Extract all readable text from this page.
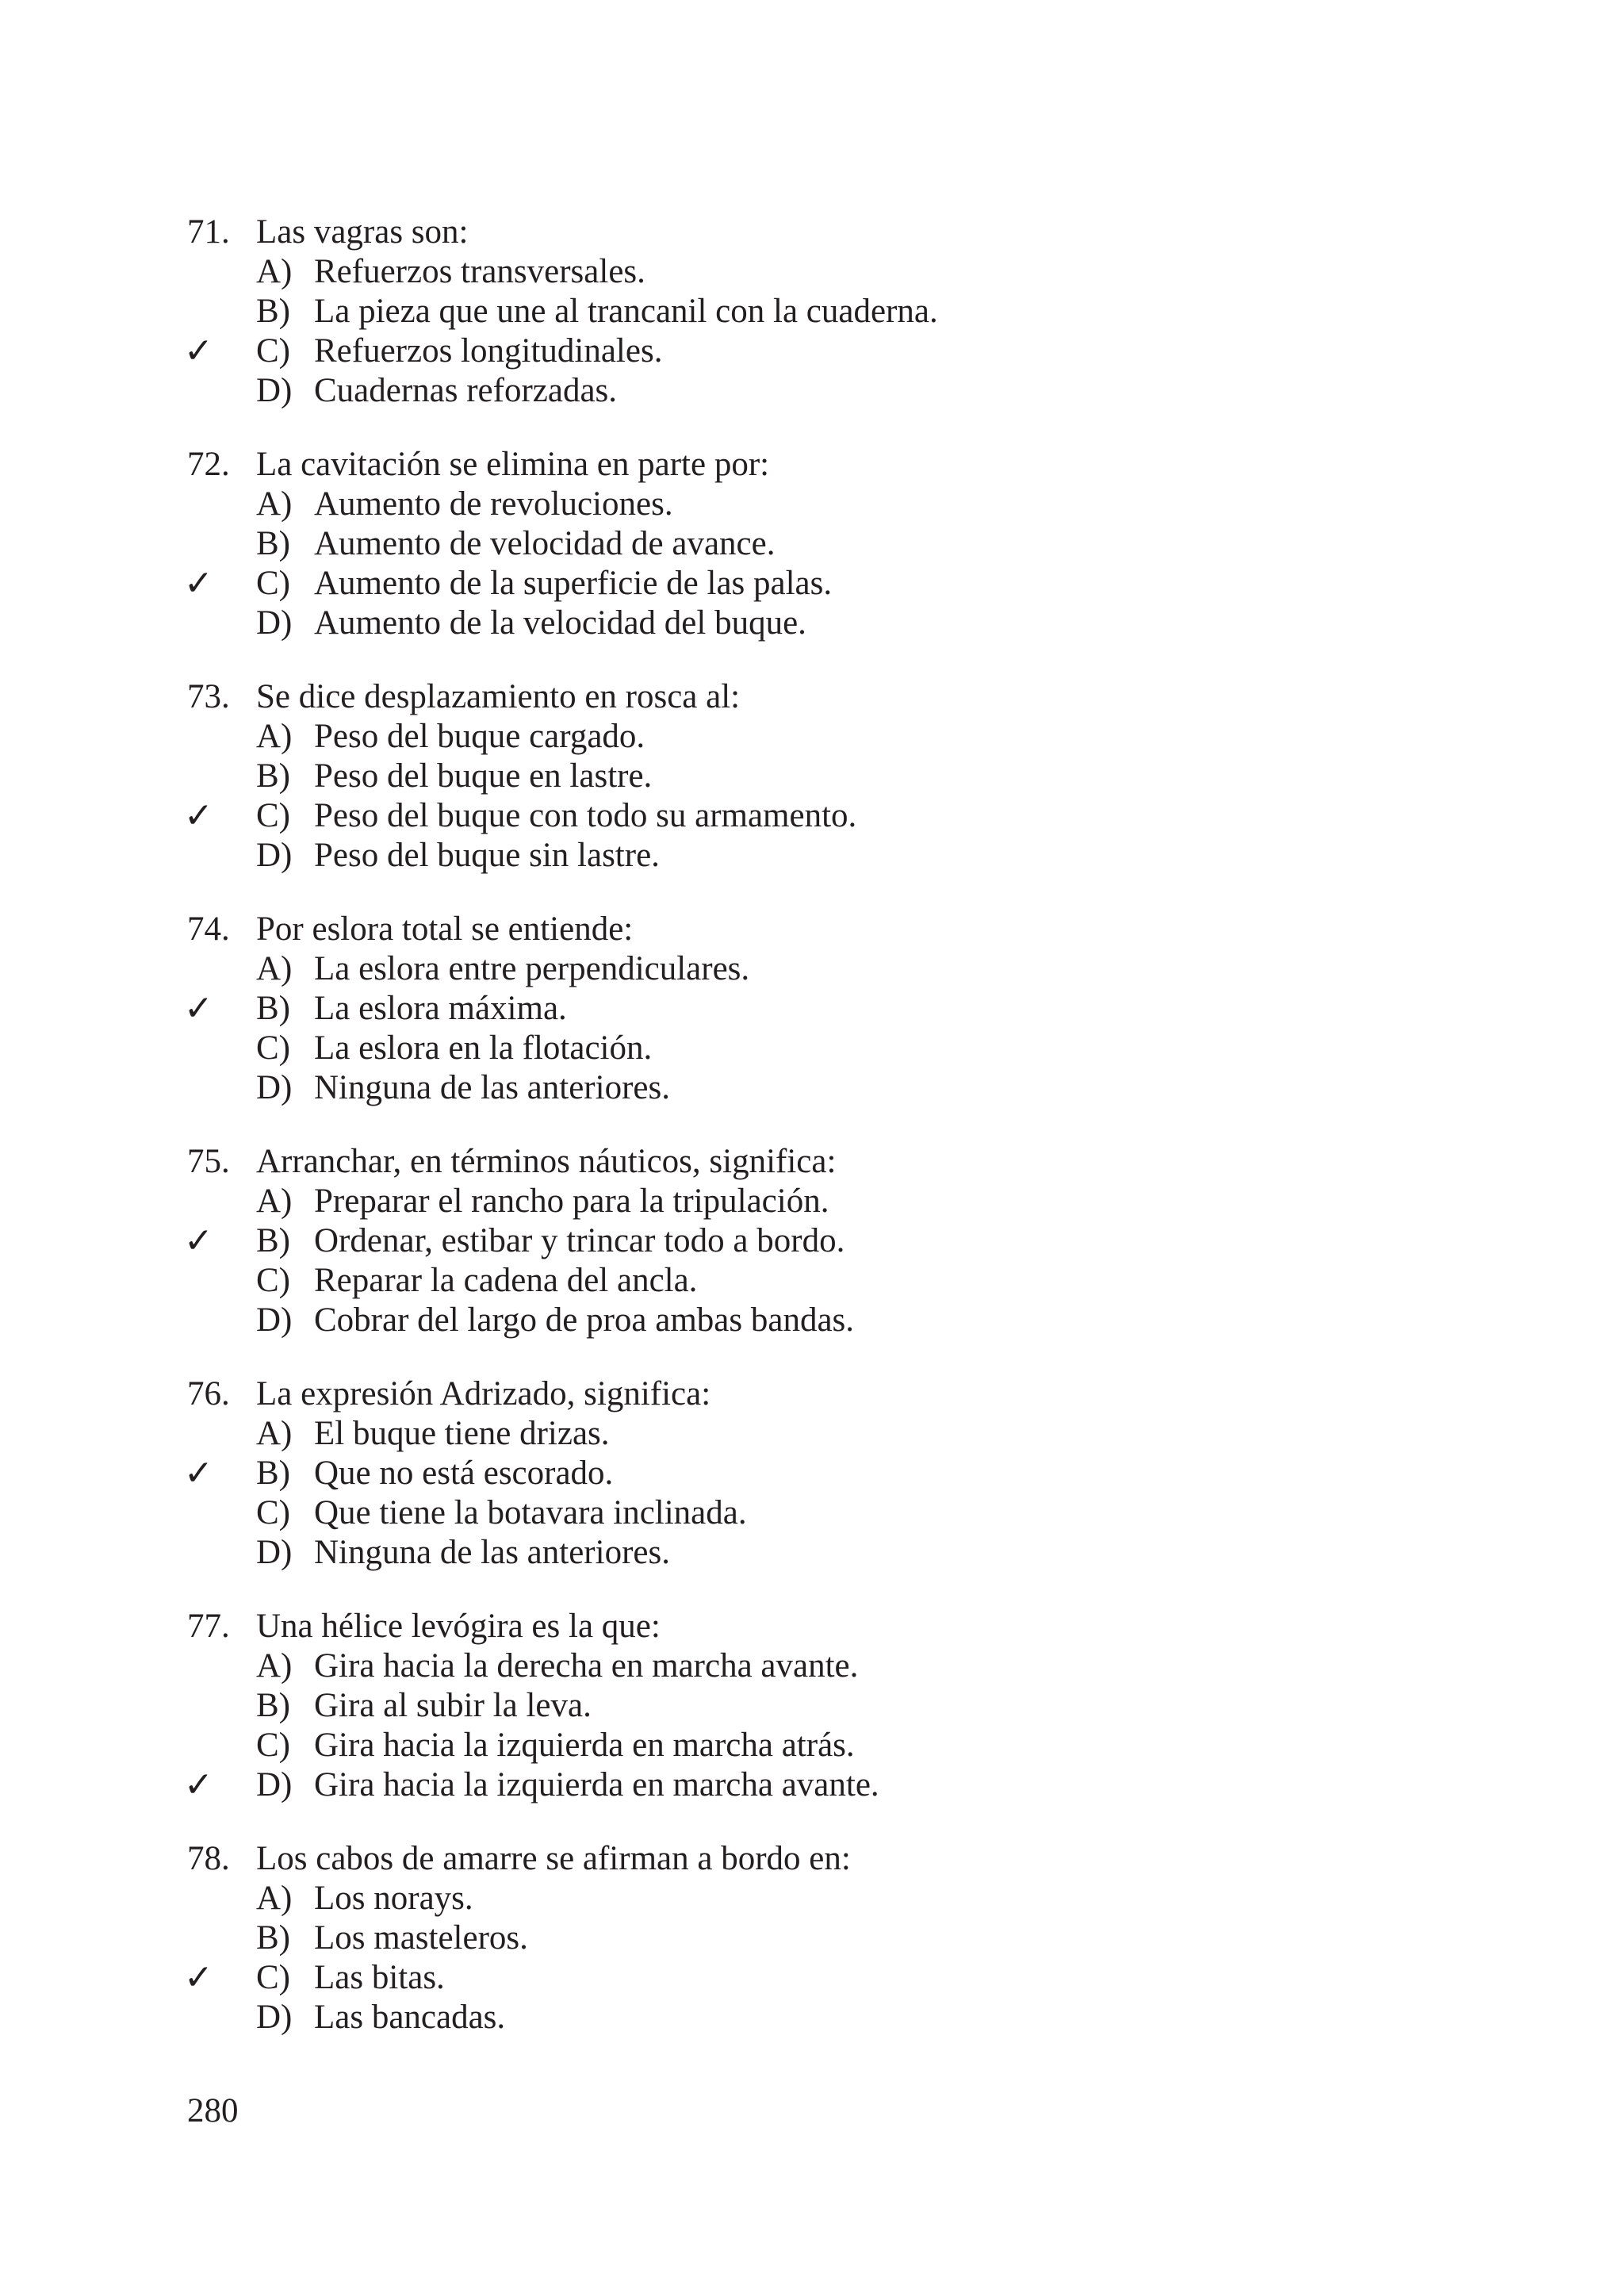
71. Las vagras son:
A) Refuerzos transversales.
B) La pieza que une al trancanil con la cuaderna.
✓ C) Refuerzos longitudinales.
D) Cuadernas reforzadas.
72. La cavitación se elimina en parte por:
A) Aumento de revoluciones.
B) Aumento de velocidad de avance.
✓ C) Aumento de la superficie de las palas.
D) Aumento de la velocidad del buque.
73. Se dice desplazamiento en rosca al:
A) Peso del buque cargado.
B) Peso del buque en lastre.
✓ C) Peso del buque con todo su armamento.
D) Peso del buque sin lastre.
74. Por eslora total se entiende:
A) La eslora entre perpendiculares.
✓ B) La eslora máxima.
C) La eslora en la flotación.
D) Ninguna de las anteriores.
75. Arranchar, en términos náuticos, significa:
A) Preparar el rancho para la tripulación.
✓ B) Ordenar, estibar y trincar todo a bordo.
C) Reparar la cadena del ancla.
D) Cobrar del largo de proa ambas bandas.
76. La expresión Adrizado, significa:
A) El buque tiene drizas.
✓ B) Que no está escorado.
C) Que tiene la botavara inclinada.
D) Ninguna de las anteriores.
77. Una hélice levógira es la que:
A) Gira hacia la derecha en marcha avante.
B) Gira al subir la leva.
C) Gira hacia la izquierda en marcha atrás.
✓ D) Gira hacia la izquierda en marcha avante.
78. Los cabos de amarre se afirman a bordo en:
A) Los norays.
B) Los masteleros.
✓ C) Las bitas.
D) Las bancadas.
280
